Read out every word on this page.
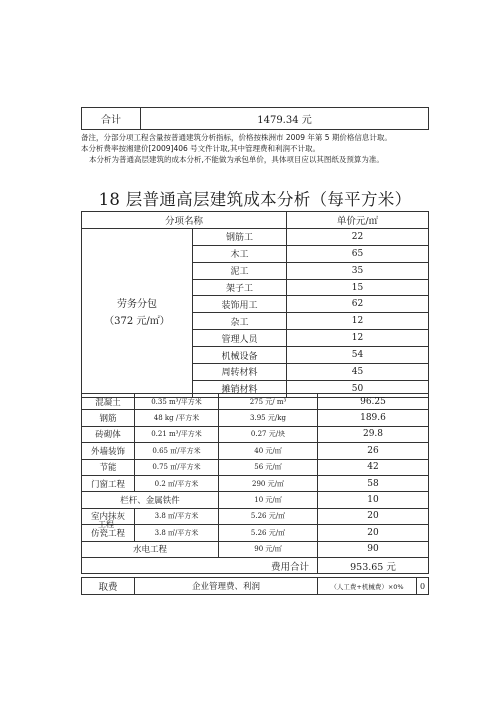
合计	1479.34 元
备注，分部分项工程含量按普通建筑分析指标，价格按株洲市 2009 年第 5 期价格信息计取。
本分析费率按湘建价[2009]406 号文件计取,其中管理费和利润不计取。
本分析为普通高层建筑的成本分析,不能做为承包单价，具体项目应以其图纸及预算为准。
18 层普通高层建筑成本分析（每平方米）
分项名称		单价元/㎡
劳务分包
（372 元/㎡）	钢筋工	22
	木工	65
	泥工	35
	架子工	15
	装饰用工	62
	杂工	12
	管理人员	12
	机械设备	54
	周转材料	45
	摊销材料	50
混凝土	0.35 m³/平方米	275 元/ m³	96.25
钢筋	48 kg /平方米	3.95 元/kg	189.6
砖砌体	0.21 m³/平方米	0.27 元/块	29.8
外墙装饰	0.65 ㎡/平方米	40 元/㎡	26
节能	0.75 ㎡/平方米	56 元/㎡	42
门窗工程	0.2 ㎡/平方米	290 元/㎡	58
栏杆、金属铁件		10 元/㎡	10
室内抹灰
工程	3.8 ㎡/平方米	5.26 元/㎡	20
仿瓷工程	3.8 ㎡/平方米	5.26 元/㎡	20
水电工程		90 元/㎡	90
费用合计			953.65 元
取费	企业管理费、利润	（人工费+机械费）×0%	0
